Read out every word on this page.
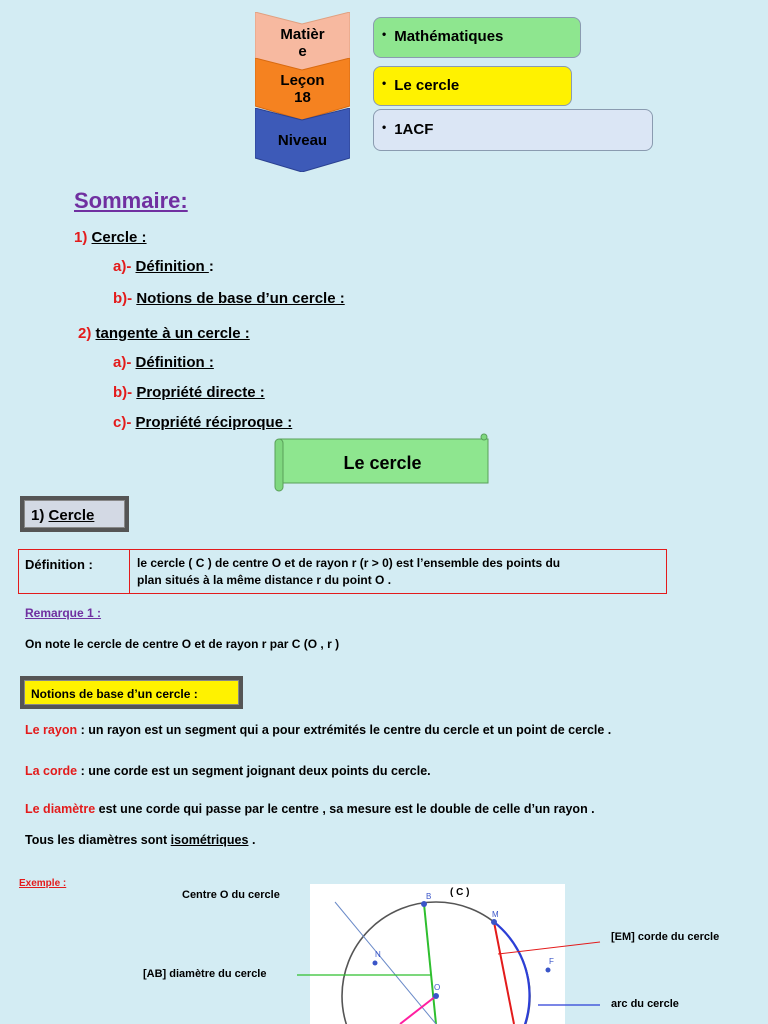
Matièr
e
Leçon
18
Niveau
• Mathématiques
• Le cercle
• 1ACF
Sommaire:
1) Cercle :
a)- Définition :
b)- Notions de base d’un cercle :
2) tangente à un cercle :
a)- Définition :
b)- Propriété directe :
c)- Propriété réciproque :
Le cercle
1) Cercle
Définition :	le cercle ( C ) de centre O et de rayon r (r > 0) est l’ensemble des points du
plan situés à la même distance r du point O .
Remarque 1 :
On note le cercle de centre O et de rayon r par C (O , r )
Notions de base d’un cercle :
Le rayon : un rayon est un segment qui a pour extrémités le centre du cercle et un point de cercle .
La corde : une corde est un segment joignant deux points du cercle.
Le diamètre est une corde qui passe par le centre , sa mesure est le double de celle d’un rayon .
Tous les diamètres sont isométriques .
Exemple :
Centre O du cercle
[AB] diamètre du cercle
[EM] corde du cercle
arc du cercle
B
M
N
F
O
( C )
